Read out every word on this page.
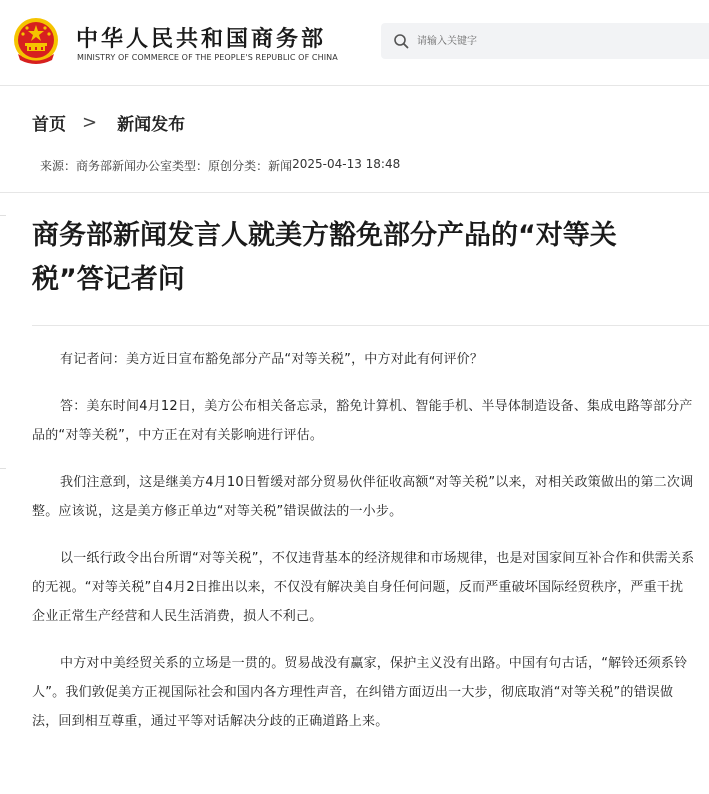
中华人民共和国商务部
MINISTRY OF COMMERCE OF THE PEOPLE'S REPUBLIC OF CHINA
请输入关键字
首页 > 新闻发布
来源： 商务部新闻办公室 类型： 原创 分类： 新闻 2025-04-13 18:48
商务部新闻发言人就美方豁免部分产品的“对等关税”答记者问

有记者问：美方近日宣布豁免部分产品“对等关税”，中方对此有何评价？

答：美东时间4月12日，美方公布相关备忘录，豁免计算机、智能手机、半导体制造设备、集成电路等部分产品的“对等关税”，中方正在对有关影响进行评估。

我们注意到，这是继美方4月10日暂缓对部分贸易伙伴征收高额“对等关税”以来，对相关政策做出的第二次调整。应该说，这是美方修正单边“对等关税”错误做法的一小步。

以一纸行政令出台所谓“对等关税”，不仅违背基本的经济规律和市场规律，也是对国家间互补合作和供需关系的无视。“对等关税”自4月2日推出以来，不仅没有解决美自身任何问题，反而严重破坏国际经贸秩序，严重干扰企业正常生产经营和人民生活消费，损人不利己。

中方对中美经贸关系的立场是一贯的。贸易战没有赢家，保护主义没有出路。中国有句古话，“解铃还须系铃人”。我们敦促美方正视国际社会和国内各方理性声音，在纠错方面迈出一大步，彻底取消“对等关税”的错误做法，回到相互尊重，通过平等对话解决分歧的正确道路上来。
